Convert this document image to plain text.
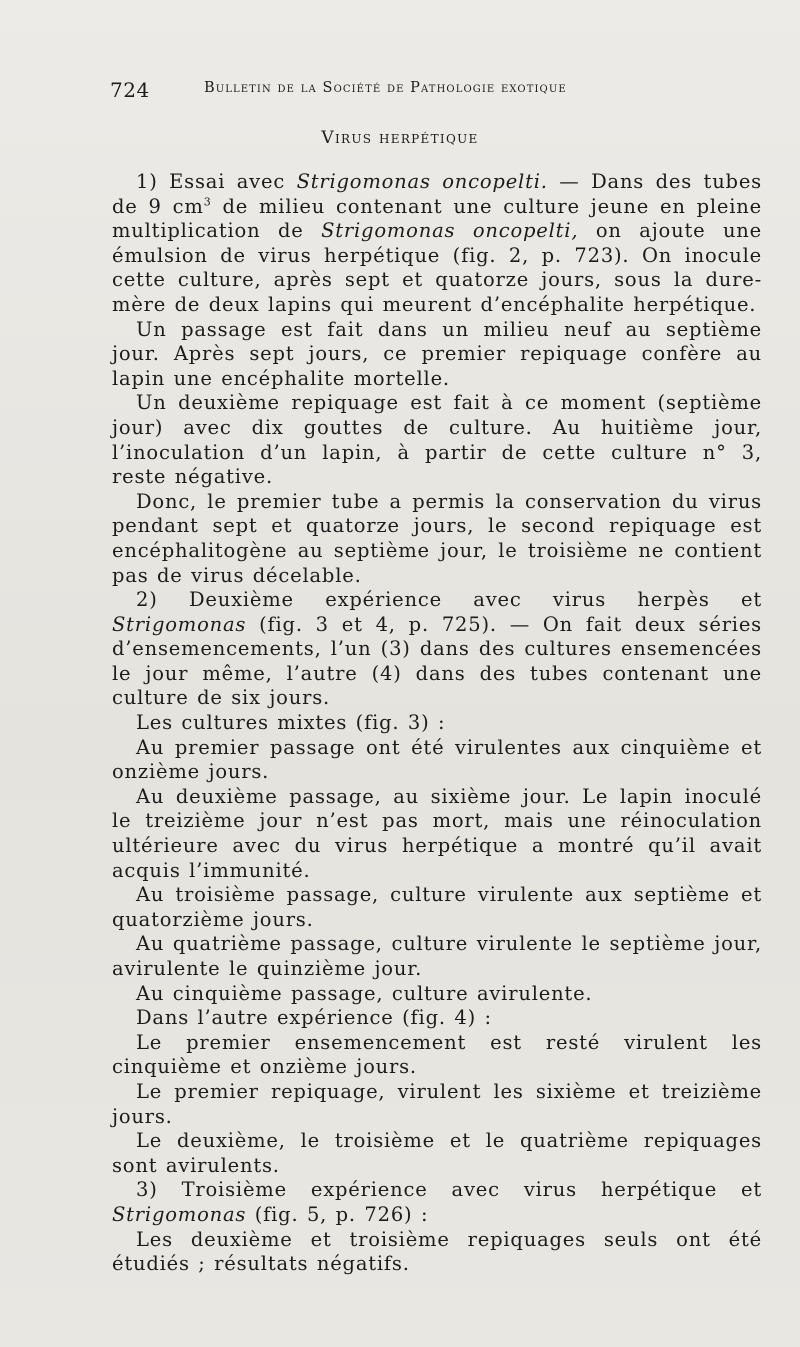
724	Bulletin de la Société de Pathologie exotique
Virus herpétique

1) Essai avec Strigomonas oncopelti. — Dans des tubes de 9 $cm^3$ de milieu contenant une culture jeune en pleine multiplication de Strigomonas oncopelti, on ajoute une émulsion de virus herpétique (fig. 2, p. 723). On inocule cette culture, après sept et quatorze jours, sous la dure-mère de deux lapins qui meurent d’encéphalite herpétique.

Un passage est fait dans un milieu neuf au septième jour. Après sept jours, ce premier repiquage confère au lapin une encéphalite mortelle.

Un deuxième repiquage est fait à ce moment (septième jour) avec dix gouttes de culture. Au huitième jour, l’inoculation d’un lapin, à partir de cette culture n° 3, reste négative.

Donc, le premier tube a permis la conservation du virus pendant sept et quatorze jours, le second repiquage est encéphalitogène au septième jour, le troisième ne contient pas de virus décelable.

2) Deuxième expérience avec virus herpès et Strigomonas (fig. 3 et 4, p. 725). — On fait deux séries d’ensemencements, l’un (3) dans des cultures ensemencées le jour même, l’autre (4) dans des tubes contenant une culture de six jours.

Les cultures mixtes (fig. 3) :

Au premier passage ont été virulentes aux cinquième et onzième jours.

Au deuxième passage, au sixième jour. Le lapin inoculé le treizième jour n’est pas mort, mais une réinoculation ultérieure avec du virus herpétique a montré qu’il avait acquis l’immunité.

Au troisième passage, culture virulente aux septième et quatorzième jours.

Au quatrième passage, culture virulente le septième jour, avirulente le quinzième jour.

Au cinquième passage, culture avirulente.

Dans l’autre expérience (fig. 4) :

Le premier ensemencement est resté virulent les cinquième et onzième jours.

Le premier repiquage, virulent les sixième et treizième jours.

Le deuxième, le troisième et le quatrième repiquages sont avirulents.

3) Troisième expérience avec virus herpétique et Strigomonas (fig. 5, p. 726) :

Les deuxième et troisième repiquages seuls ont été étudiés ; résultats négatifs.
